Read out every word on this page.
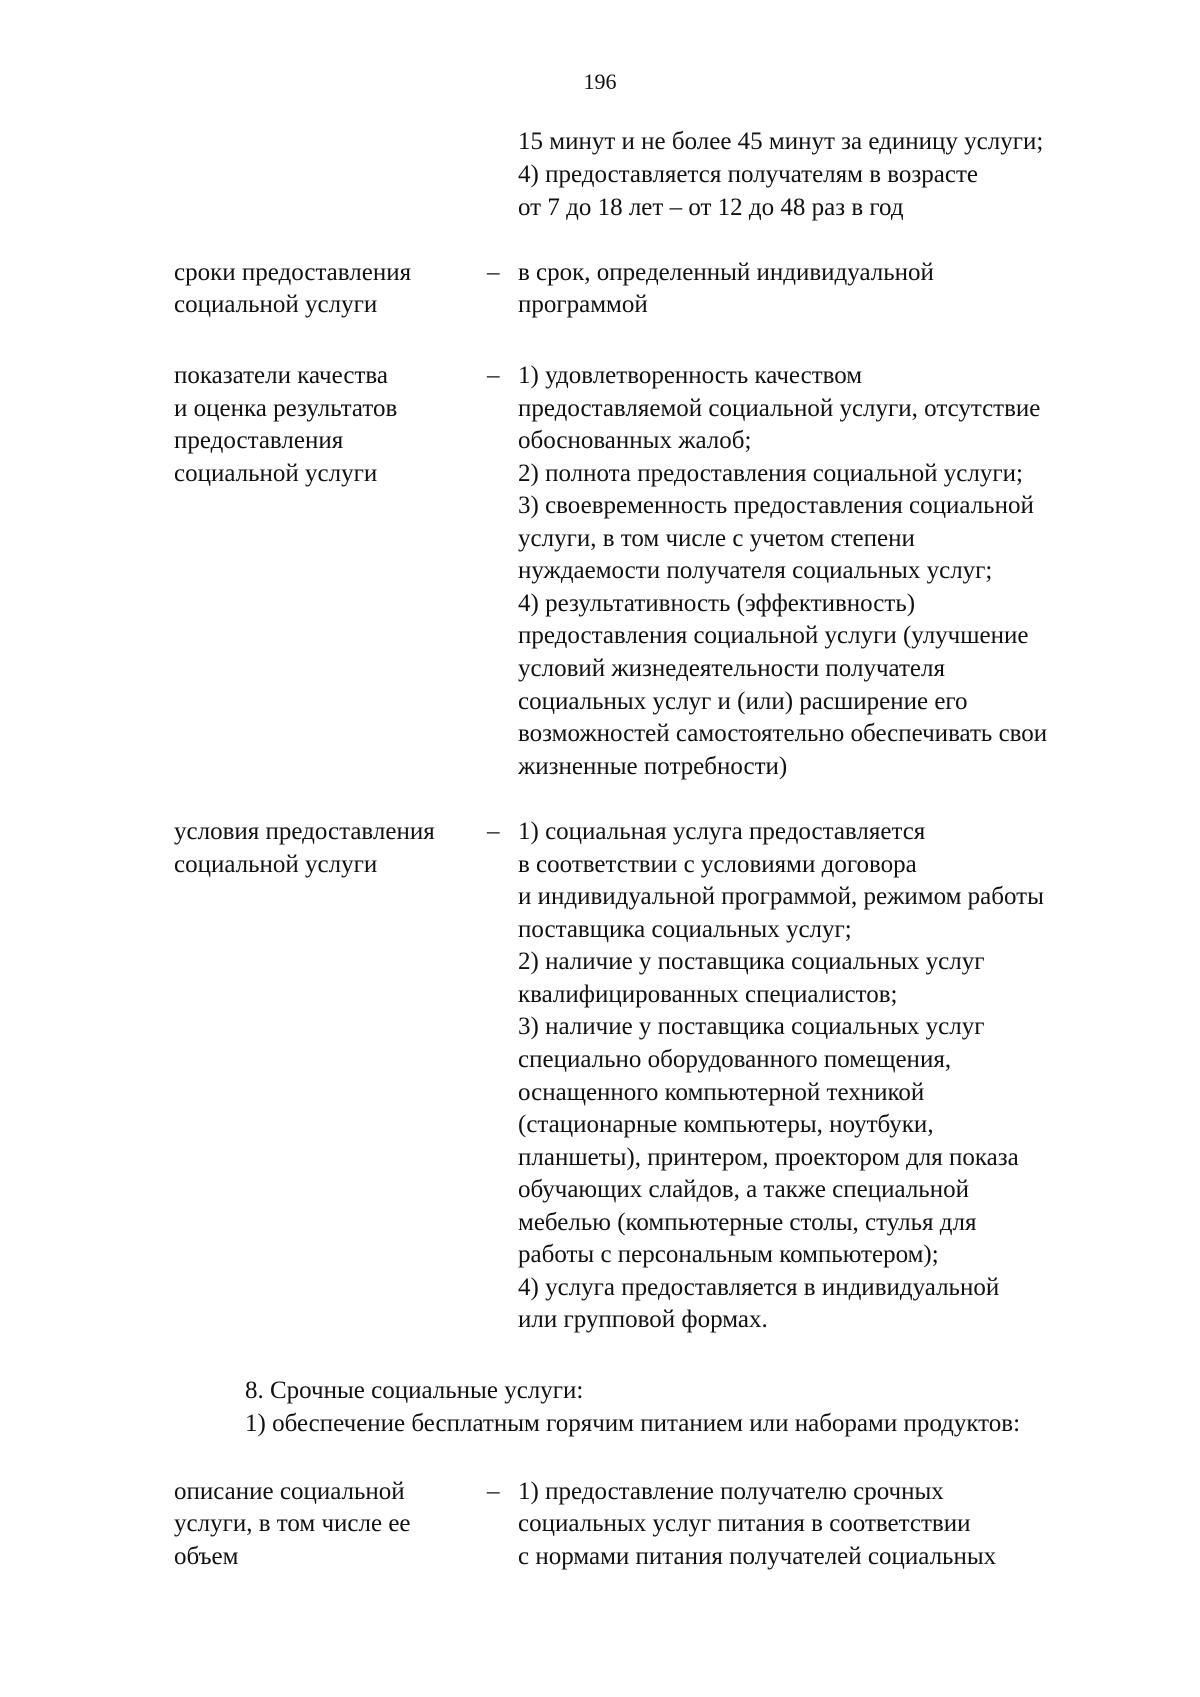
196
15 минут и не более 45 минут за единицу услуги;
4) предоставляется получателям в возрасте
от 7 до 18 лет – от 12 до 48 раз в год
сроки предоставления
социальной услуги
– в срок, определенный индивидуальной
программой
показатели качества
и оценка результатов
предоставления
социальной услуги
– 1) удовлетворенность качеством
предоставляемой социальной услуги, отсутствие
обоснованных жалоб;
2) полнота предоставления социальной услуги;
3) своевременность предоставления социальной
услуги, в том числе с учетом степени
нуждаемости получателя социальных услуг;
4) результативность (эффективность)
предоставления социальной услуги (улучшение
условий жизнедеятельности получателя
социальных услуг и (или) расширение его
возможностей самостоятельно обеспечивать свои
жизненные потребности)
условия предоставления
социальной услуги
– 1) социальная услуга предоставляется
в соответствии с условиями договора
и индивидуальной программой, режимом работы
поставщика социальных услуг;
2) наличие у поставщика социальных услуг
квалифицированных специалистов;
3) наличие у поставщика социальных услуг
специально оборудованного помещения,
оснащенного компьютерной техникой
(стационарные компьютеры, ноутбуки,
планшеты), принтером, проектором для показа
обучающих слайдов, а также специальной
мебелью (компьютерные столы, стулья для
работы с персональным компьютером);
4) услуга предоставляется в индивидуальной
или групповой формах.
8. Срочные социальные услуги:
1) обеспечение бесплатным горячим питанием или наборами продуктов:
описание социальной
услуги, в том числе ее
объем
– 1) предоставление получателю срочных
социальных услуг питания в соответствии
с нормами питания получателей социальных
